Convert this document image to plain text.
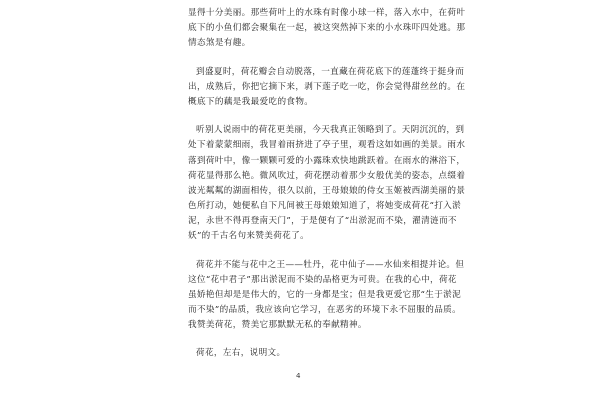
显得十分美丽。那些荷叶上的水珠有时像小球一样，落入水中，在荷叶
底下的小鱼们都会聚集在一起，被这突然掉下来的小水珠吓四处逃。那
情态煞是有趣。

到盛夏时，荷花瓣会自动脱落，一直藏在荷花底下的莲蓬终于挺身而
出，成熟后，你把它摘下来，剥下莲子吃一吃，你会觉得甜丝丝的。在
概底下的藕是我最爱吃的食物。

听别人说雨中的荷花更美丽，今天我真正领略到了。天阴沉沉的，到
处下着蒙蒙细雨，我冒着雨挤进了亭子里，观看这如如画的美景。雨水
落到荷叶中，像一颗颗可爱的小露珠欢快地跳跃着。在雨水的淋浴下，
荷花显得那么艳。微风吹过，荷花摆动着那少女般优美的姿态，点缀着
波光粼粼的湖面相传，很久以前，王母娘娘的侍女玉姬被西湖美丽的景
色所打动，她便私自下凡间被王母娘娘知道了，将她变成荷花“打入淤
泥，永世不得再登南天门”，于是便有了“出淤泥而不染，濯清涟而不
妖”的千古名句来赞美荷花了。

荷花并不能与花中之王——牡丹，花中仙子——水仙来相提并论。但
这位“花中君子”那出淤泥而不染的品格更为可贵。在我的心中，荷花
虽娇艳但却是是伟大的，它的一身都是宝；但是我更爱它那“生于淤泥
而不染”的品质，我应该向它学习，在恶劣的环境下永不屈服的品质。
我赞美荷花，赞美它那默默无私的奉献精神。

荷花，左右，说明文。

4
